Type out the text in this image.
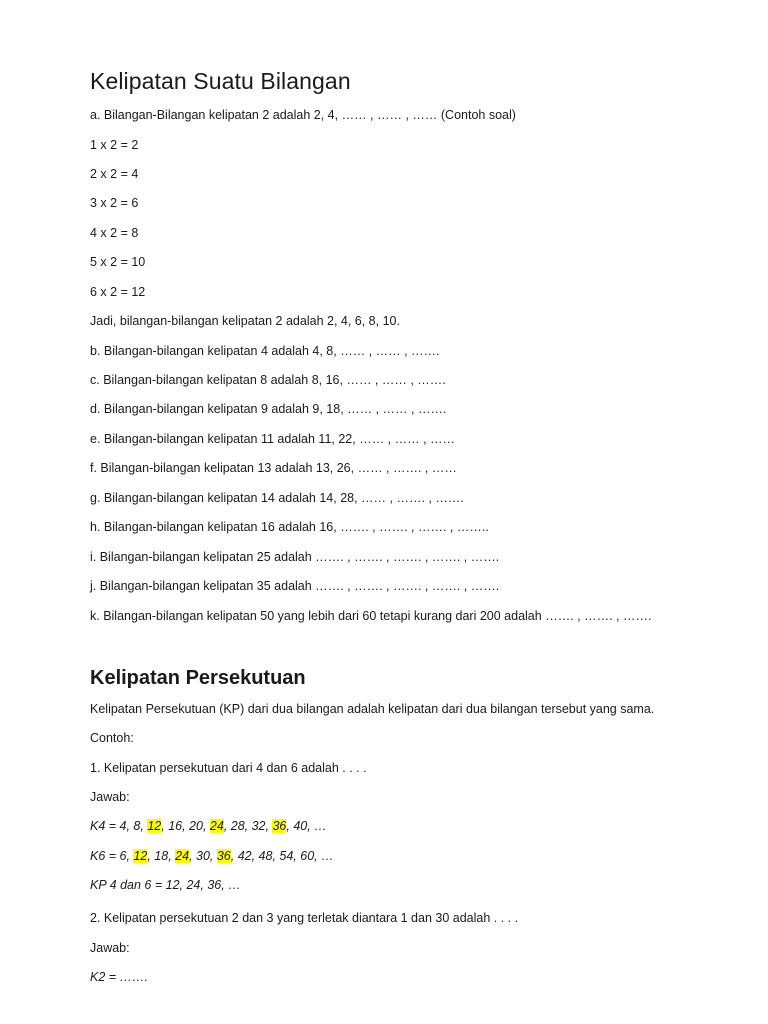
Kelipatan Suatu Bilangan

a. Bilangan-Bilangan kelipatan 2 adalah 2, 4, …… , …… , …… (Contoh soal)

1 x 2 = 2

2 x 2 = 4

3 x 2 = 6

4 x 2 = 8

5 x 2 = 10

6 x 2 = 12

Jadi, bilangan-bilangan kelipatan 2 adalah 2, 4, 6, 8, 10.

b. Bilangan-bilangan kelipatan 4 adalah 4, 8, …… , …… , …….

c. Bilangan-bilangan kelipatan 8 adalah 8, 16, …… , …… , …….

d. Bilangan-bilangan kelipatan 9 adalah 9, 18, …… , …… , …….

e. Bilangan-bilangan kelipatan 11 adalah 11, 22, …… , …… , ……

f. Bilangan-bilangan kelipatan 13 adalah 13, 26, …… , ……. , ……

g. Bilangan-bilangan kelipatan 14 adalah 14, 28, …… , ……. , …….

h. Bilangan-bilangan kelipatan 16 adalah 16, ……. , ……. , ……. , ……..

i. Bilangan-bilangan kelipatan 25 adalah ……. , ……. , ……. , ……. , …….

j. Bilangan-bilangan kelipatan 35 adalah ……. , ……. , ……. , ……. , …….

k. Bilangan-bilangan kelipatan 50 yang lebih dari 60 tetapi kurang dari 200 adalah ……. , ……. , …….

Kelipatan Persekutuan

Kelipatan Persekutuan (KP) dari dua bilangan adalah kelipatan dari dua bilangan tersebut yang sama.

Contoh:

1. Kelipatan persekutuan dari 4 dan 6 adalah . . . .

Jawab:

K4 = 4, 8, 12, 16, 20, 24, 28, 32, 36, 40, …

K6 = 6, 12, 18, 24, 30, 36, 42, 48, 54, 60, …

KP 4 dan 6 = 12, 24, 36, …

2. Kelipatan persekutuan 2 dan 3 yang terletak diantara 1 dan 30 adalah . . . .

Jawab:

K2 = …….
